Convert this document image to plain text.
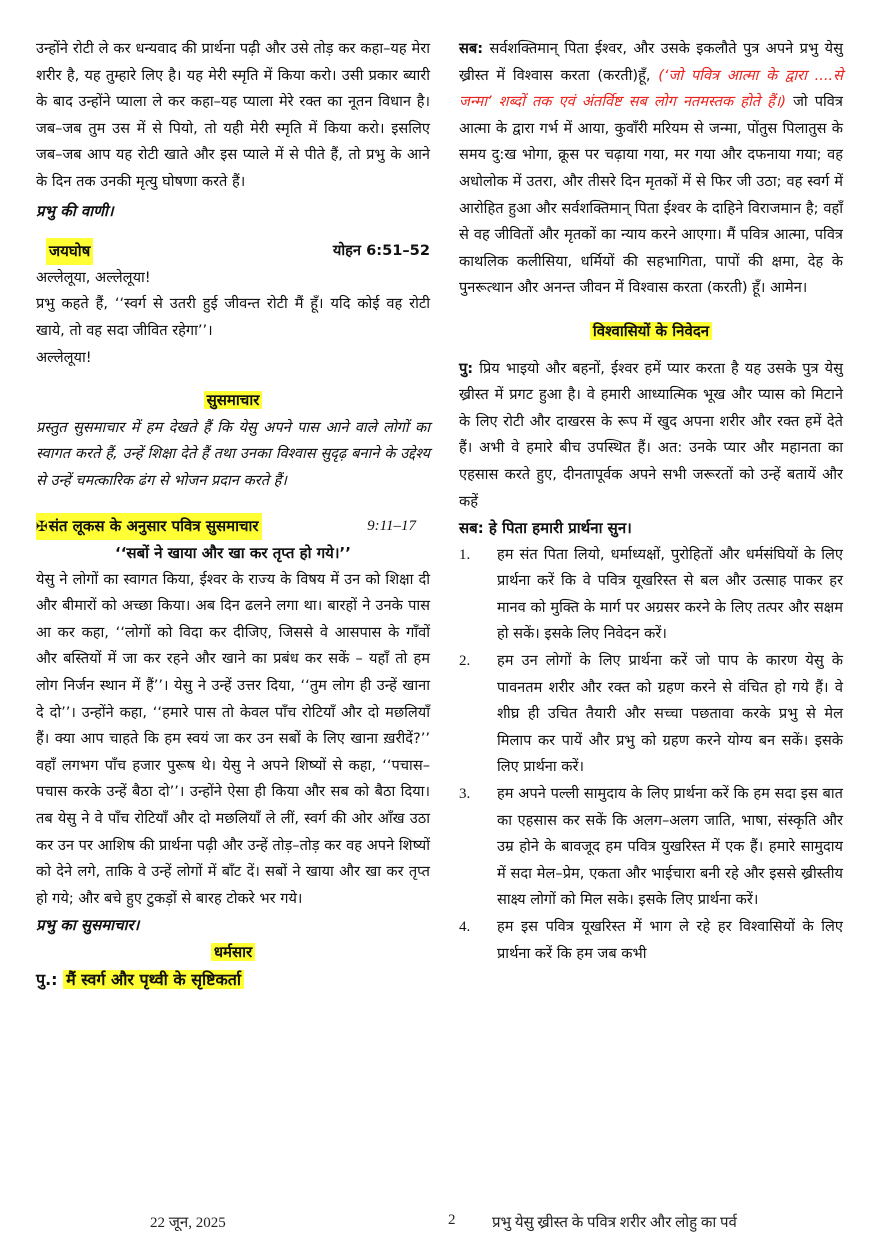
उन्होंने रोटी ले कर धन्यवाद की प्रार्थना पढ़ी और उसे तोड़ कर कहा–यह मेरा शरीर है, यह तुम्हारे लिए है। यह मेरी स्मृति में किया करो। उसी प्रकार ब्यारी के बाद उन्होंने प्याला ले कर कहा–यह प्याला मेरे रक्त का नूतन विधान है। जब–जब तुम उस में से पियो, तो यही मेरी स्मृति में किया करो। इसलिए जब–जब आप यह रोटी खाते और इस प्याले में से पीते हैं, तो प्रभु के आने के दिन तक उनकी मृत्यु घोषणा करते हैं।

प्रभु की वाणी।

जयघोष	योहन 6:51–52

अल्लेलूया, अल्लेलूया!

प्रभु कहते हैं, ‘‘स्वर्ग से उतरी हुई जीवन्त रोटी मैं हूँ। यदि कोई वह रोटी खाये, तो वह सदा जीवित रहेगा’’।

अल्लेलूया!

सुसमाचार

प्रस्तुत सुसमाचार में हम देखते हैं कि येसु अपने पास आने वाले लोगों का स्वागत करते हैं, उन्हें शिक्षा देते हैं तथा उनका विश्वास सुदृढ़ बनाने के उद्देश्य से उन्हें चमत्कारिक ढंग से भोजन प्रदान करते हैं।

✠संत लूकस के अनुसार पवित्र सुसमाचार	9:11–17

‘‘सबों ने खाया और खा कर तृप्त हो गये।’’

येसु ने लोगों का स्वागत किया, ईश्वर के राज्य के विषय में उन को शिक्षा दी और बीमारों को अच्छा किया। अब दिन ढलने लगा था। बारहों ने उनके पास आ कर कहा, ‘‘लोगों को विदा कर दीजिए, जिससे वे आसपास के गाँवों और बस्तियों में जा कर रहने और खाने का प्रबंध कर सकें – यहाँ तो हम लोग निर्जन स्थान में हैं’’। येसु ने उन्हें उत्तर दिया, ‘‘तुम लोग ही उन्हें खाना दे दो’’। उन्होंने कहा, ‘‘हमारे पास तो केवल पाँच रोटियाँ और दो मछलियाँ हैं। क्या आप चाहते कि हम स्वयं जा कर उन सबों के लिए खाना ख़रीदें?’’ वहाँ लगभग पाँच हजार पुरूष थे। येसु ने अपने शिष्यों से कहा, ‘‘पचास–पचास करके उन्हें बैठा दो’’। उन्होंने ऐसा ही किया और सब को बैठा दिया। तब येसु ने वे पाँच रोटियाँ और दो मछलियाँ ले लीं, स्वर्ग की ओर आँख उठा कर उन पर आशिष की प्रार्थना पढ़ी और उन्हें तोड़–तोड़ कर वह अपने शिष्यों को देने लगे, ताकि वे उन्हें लोगों में बाँट दें। सबों ने खाया और खा कर तृप्त हो गये; और बचे हुए टुकड़ों से बारह टोकरे भर गये।

प्रभु का सुसमाचार।

धर्मसार

पु.: मैं स्वर्ग और पृथ्वी के सृष्टिकर्ता

सब: सर्वशक्तिमान् पिता ईश्वर, और उसके इकलौते पुत्र अपने प्रभु येसु ख्रीस्त में विश्वास करता (करती)हूँ, (‘जो पवित्र आत्मा के द्वारा ....से जन्मा’ शब्दों तक एवं अंतर्विष्ट सब लोग नतमस्तक होते हैं।) जो पवित्र आत्मा के द्वारा गर्भ में आया, कुवाँरी मरियम से जन्मा, पोंतुस पिलातुस के समय दु:ख भोगा, क्रूस पर चढ़ाया गया, मर गया और दफनाया गया; वह अधोलोक में उतरा, और तीसरे दिन मृतकों में से फिर जी उठा; वह स्वर्ग में आरोहित हुआ और सर्वशक्तिमान् पिता ईश्वर के दाहिने विराजमान है; वहाँ से वह जीवितों और मृतकों का न्याय करने आएगा। मैं पवित्र आत्मा, पवित्र काथलिक कलीसिया, धर्मियों की सहभागिता, पापों की क्षमा, देह के पुनरूत्थान और अनन्त जीवन में विश्वास करता (करती) हूँ। आमेन।

विश्वासियों के निवेदन

पु: प्रिय भाइयो और बहनों, ईश्वर हमें प्यार करता है यह उसके पुत्र येसु ख्रीस्त में प्रगट हुआ है। वे हमारी आध्यात्मिक भूख और प्यास को मिटाने के लिए रोटी और दाखरस के रूप में खुद अपना शरीर और रक्त हमें देते हैं। अभी वे हमारे बीच उपस्थित हैं। अत: उनके प्यार और महानता का एहसास करते हुए, दीनतापूर्वक अपने सभी जरूरतों को उन्हें बतायें और कहें

सब: हे पिता हमारी प्रार्थना सुन।

1.	हम संत पिता लियो, धर्माध्यक्षों, पुरोहितों और धर्मसंघियों के लिए प्रार्थना करें कि वे पवित्र यूखरिस्त से बल और उत्साह पाकर हर मानव को मुक्ति के मार्ग पर अग्रसर करने के लिए तत्पर और सक्षम हो सकें। इसके लिए निवेदन करें।
2.	हम उन लोगों के लिए प्रार्थना करें जो पाप के कारण येसु के पावनतम शरीर और रक्त को ग्रहण करने से वंचित हो गये हैं। वे शीघ्र ही उचित तैयारी और सच्चा पछतावा करके प्रभु से मेल मिलाप कर पायें और प्रभु को ग्रहण करने योग्य बन सकें। इसके लिए प्रार्थना करें।
3.	हम अपने पल्ली सामुदाय के लिए प्रार्थना करें कि हम सदा इस बात का एहसास कर सकें कि अलग–अलग जाति, भाषा, संस्कृति और उम्र होने के बावजूद हम पवित्र युखरिस्त में एक हैं। हमारे सामुदाय में सदा मेल–प्रेम, एकता और भाईचारा बनी रहे और इससे ख्रीस्तीय साक्ष्य लोगों को मिल सके। इसके लिए प्रार्थना करें।
4.	हम इस पवित्र यूखरिस्त में भाग ले रहे हर विश्वासियों के लिए प्रार्थना करें कि हम जब कभी
22 जून, 2025	2 प्रभु येसु ख्रीस्त के पवित्र शरीर और लोहु का पर्व
